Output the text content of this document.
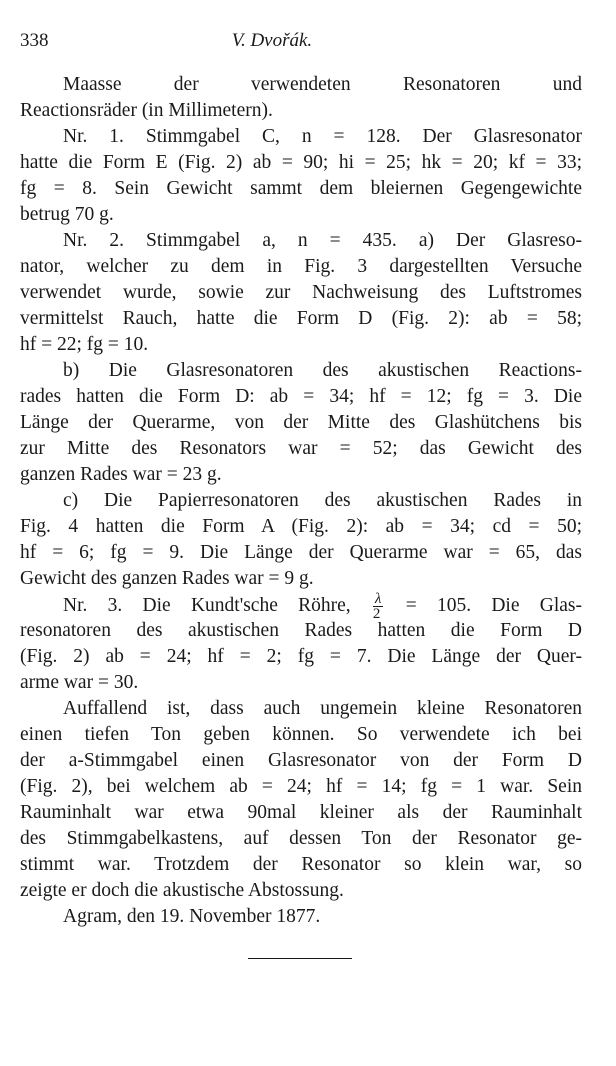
338	V. Dvořák.
Maasse der verwendeten Resonatoren und
Reactionsräder (in Millimetern).
Nr. 1. Stimmgabel C, n = 128. Der Glasresonator
hatte die Form E (Fig. 2) ab = 90; hi = 25; hk = 20; kf = 33;
fg = 8. Sein Gewicht sammt dem bleiernen Gegengewichte
betrug 70 g.
Nr. 2. Stimmgabel a, n = 435. a) Der Glasreso-
nator, welcher zu dem in Fig. 3 dargestellten Versuche
verwendet wurde, sowie zur Nachweisung des Luftstromes
vermittelst Rauch, hatte die Form D (Fig. 2): ab = 58;
hf = 22; fg = 10.
b) Die Glasresonatoren des akustischen Reactions-
rades hatten die Form D: ab = 34; hf = 12; fg = 3. Die
Länge der Querarme, von der Mitte des Glashütchens bis
zur Mitte des Resonators war = 52; das Gewicht des
ganzen Rades war = 23 g.
c) Die Papierresonatoren des akustischen Rades in
Fig. 4 hatten die Form A (Fig. 2): ab = 34; cd = 50;
hf = 6; fg = 9. Die Länge der Querarme war = 65, das
Gewicht des ganzen Rades war = 9 g.
Nr. 3. Die Kundt'sche Röhre, $\frac{\lambda}{2} = 105$. Die Glas-
resonatoren des akustischen Rades hatten die Form D
(Fig. 2) ab = 24; hf = 2; fg = 7. Die Länge der Quer-
arme war = 30.
Auffallend ist, dass auch ungemein kleine Resonatoren
einen tiefen Ton geben können. So verwendete ich bei
der a-Stimmgabel einen Glasresonator von der Form D
(Fig. 2), bei welchem ab = 24; hf = 14; fg = 1 war. Sein
Rauminhalt war etwa 90mal kleiner als der Rauminhalt
des Stimmgabelkastens, auf dessen Ton der Resonator ge-
stimmt war. Trotzdem der Resonator so klein war, so
zeigte er doch die akustische Abstossung.
Agram, den 19. November 1877.
